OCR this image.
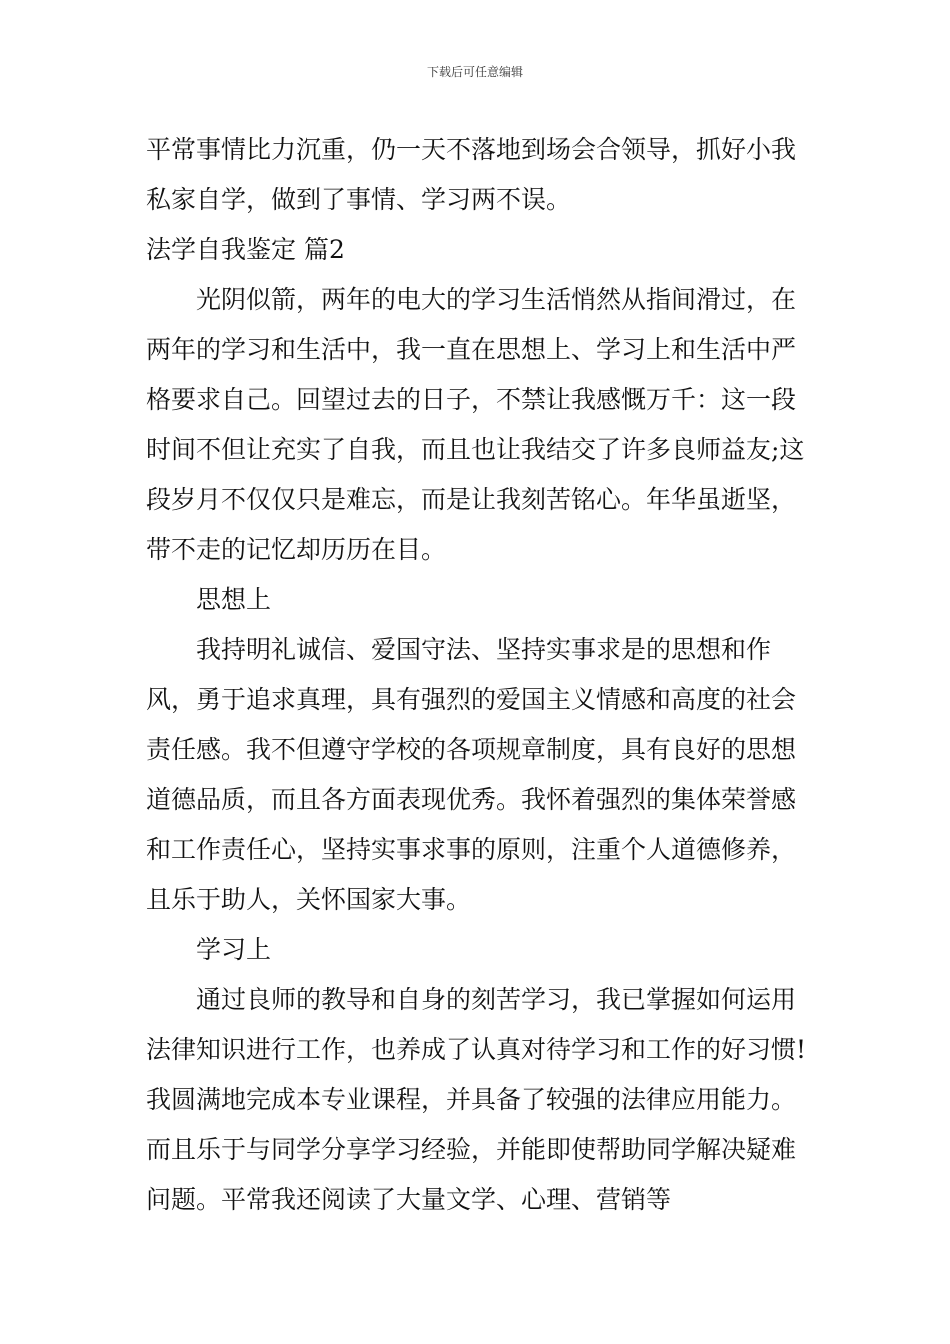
下载后可任意编辑

平常事情比力沉重，仍一天不落地到场会合领导，抓好小我私家自学，做到了事情、学习两不误。

法学自我鉴定 篇2

光阴似箭，两年的电大的学习生活悄然从指间滑过，在两年的学习和生活中，我一直在思想上、学习上和生活中严格要求自己。回望过去的日子，不禁让我感慨万千：这一段时间不但让充实了自我，而且也让我结交了许多良师益友;这段岁月不仅仅只是难忘，而是让我刻苦铭心。年华虽逝坚，带不走的记忆却历历在目。

思想上

我持明礼诚信、爱国守法、坚持实事求是的思想和作风，勇于追求真理，具有强烈的爱国主义情感和高度的社会责任感。我不但遵守学校的各项规章制度，具有良好的思想道德品质，而且各方面表现优秀。我怀着强烈的集体荣誉感和工作责任心，坚持实事求事的原则，注重个人道德修养，且乐于助人，关怀国家大事。

学习上

通过良师的教导和自身的刻苦学习，我已掌握如何运用法律知识进行工作，也养成了认真对待学习和工作的好习惯!我圆满地完成本专业课程，并具备了较强的法律应用能力。而且乐于与同学分享学习经验，并能即使帮助同学解决疑难问题。平常我还阅读了大量文学、心理、营销等
